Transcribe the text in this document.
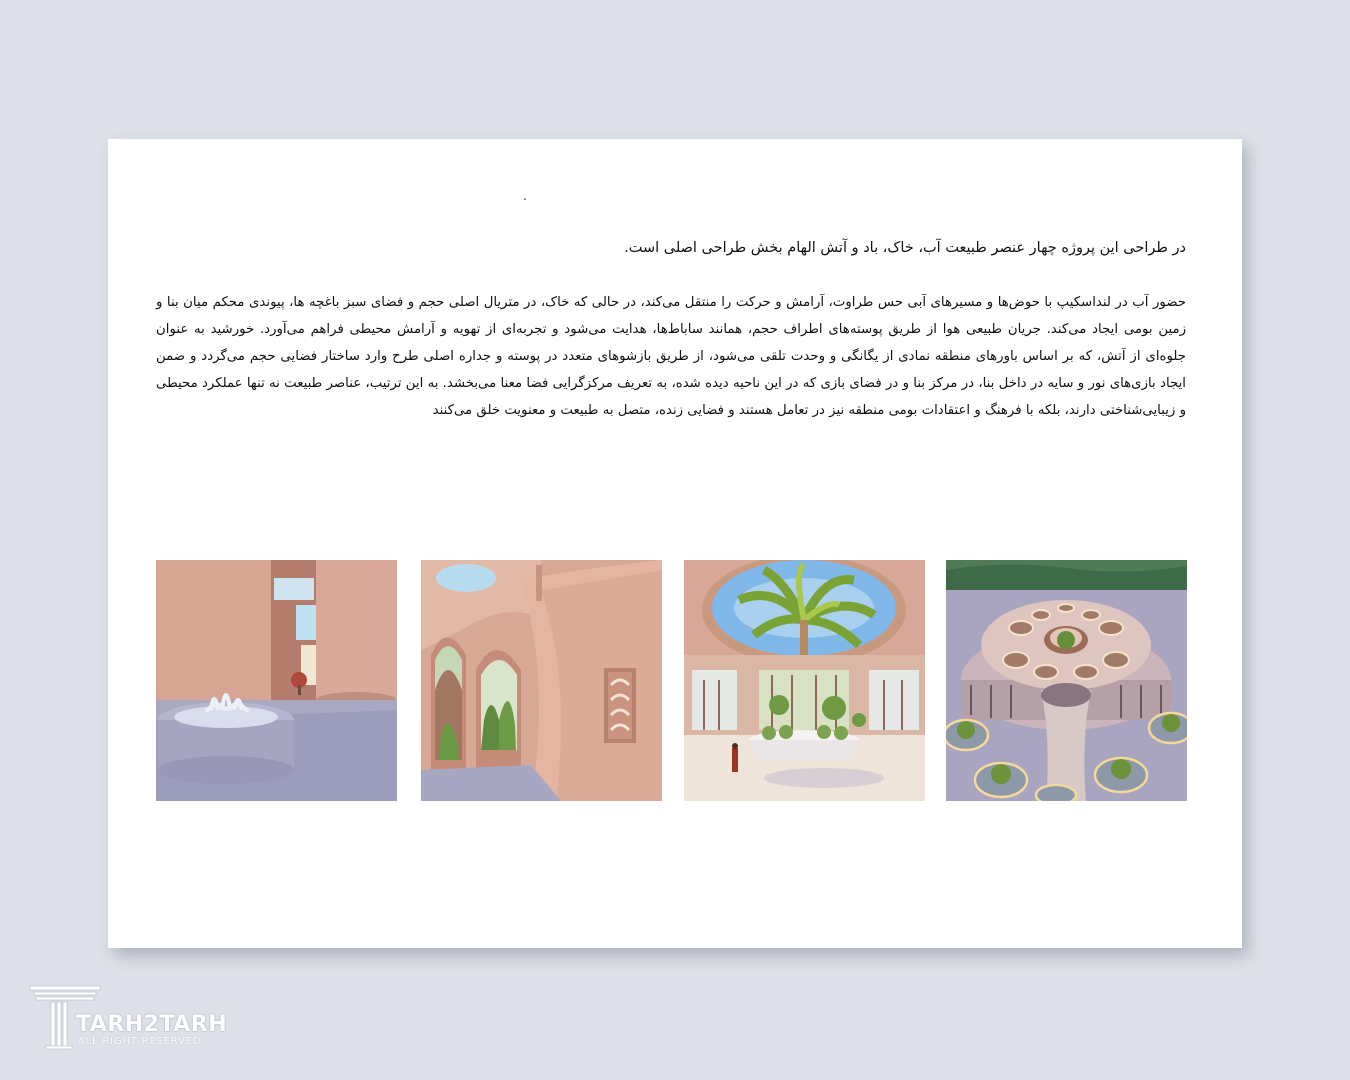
.

در طراحی این پروژه چهار عنصر طبیعت آب، خاک، باد و آتش الهام بخش طراحی اصلی است.

حضور آب در لنداسکیپ با حوض‌ها و مسیرهای آبی حس طراوت، آرامش و حرکت را منتقل می‌کند، در حالی که خاک، در متریال اصلی حجم و فضای سبز باغچه ها، پیوندی محکم میان بنا و زمین بومی ایجاد می‌کند. جریان طبیعی هوا از طریق پوسته‌های اطراف حجم، همانند ساباط‌ها، هدایت می‌شود و تجربه‌ای از تهویه و آرامش محیطی فراهم می‌آورد. خورشید به عنوان جلوه‌ای از آتش، که بر اساس باورهای منطقه نمادی از یگانگی و وحدت تلقی می‌شود، از طریق بازشوهای متعدد در پوسته و جداره اصلی طرح وارد ساختار فضایی حجم می‌گردد و ضمن ایجاد بازی‌های نور و سایه در داخل بنا، در مرکز بنا و در فضای بازی که در این ناحیه دیده شده، به تعریف مرکزگرایی فضا معنا می‌بخشد. به این ترتیب، عناصر طبیعت نه تنها عملکرد محیطی و زیبایی‌شناختی دارند، بلکه با فرهنگ و اعتقادات بومی منطقه نیز در تعامل هستند و فضایی زنده، متصل به طبیعت و معنویت خلق می‌کنند

TARH2TARH
ALL RIGHT RESERVED
©
